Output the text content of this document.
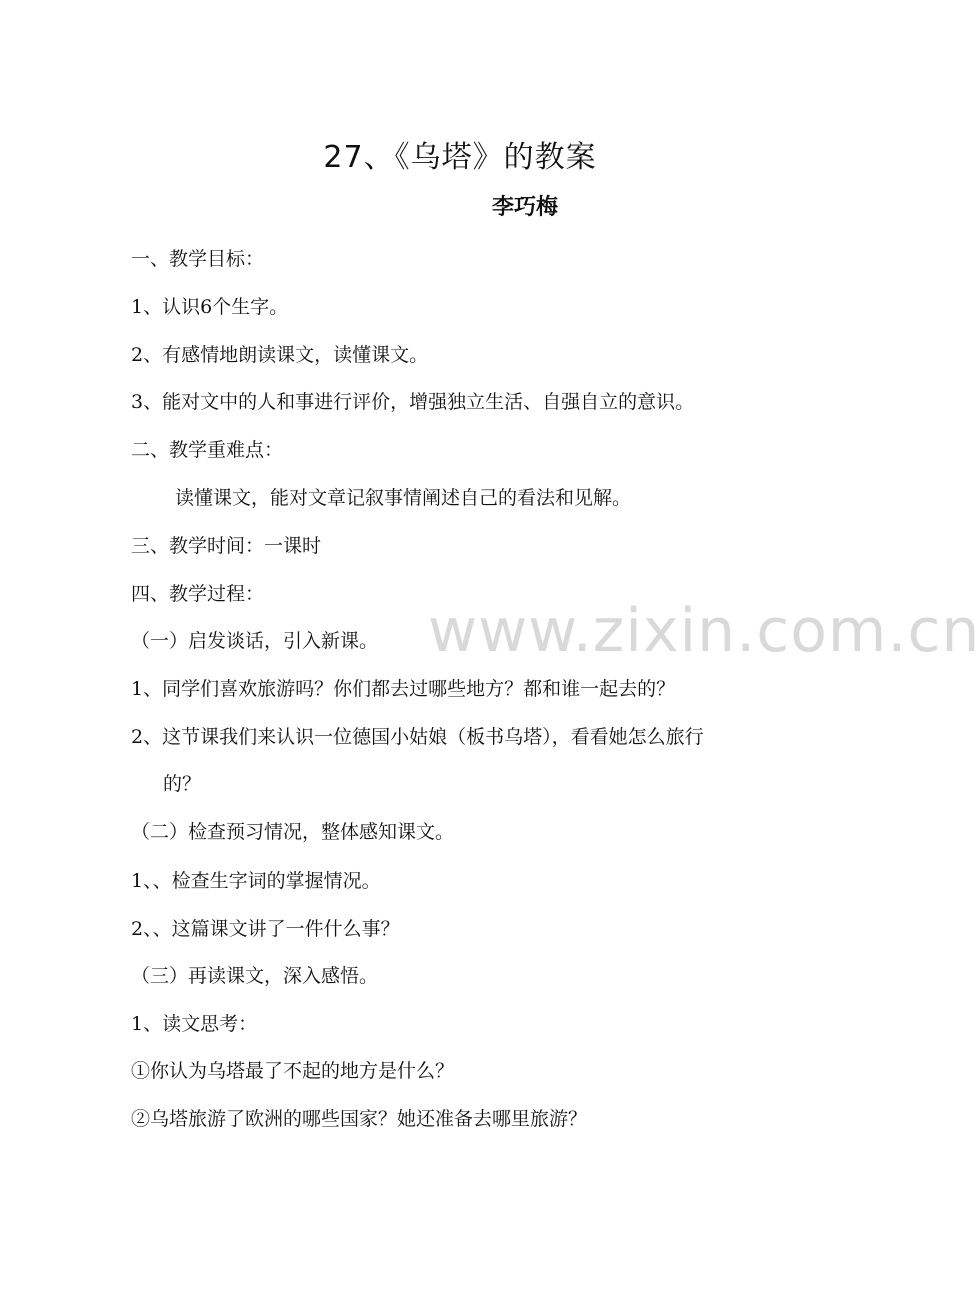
www.zixin.com.cn
27、《乌塔》的教案
李巧梅
一、教学目标：
1、认识6个生字。
2、有感情地朗读课文，读懂课文。
3、能对文中的人和事进行评价，增强独立生活、自强自立的意识。
二、教学重难点：
读懂课文，能对文章记叙事情阐述自己的看法和见解。
三、教学时间：一课时
四、教学过程：
（一）启发谈话，引入新课。
1、同学们喜欢旅游吗？你们都去过哪些地方？都和谁一起去的？
2、这节课我们来认识一位德国小姑娘（板书乌塔），看看她怎么旅行
的？
（二）检查预习情况，整体感知课文。
1、、检查生字词的掌握情况。
2、、这篇课文讲了一件什么事？
（三）再读课文，深入感悟。
1、读文思考：
①你认为乌塔最了不起的地方是什么？
②乌塔旅游了欧洲的哪些国家？她还准备去哪里旅游？
